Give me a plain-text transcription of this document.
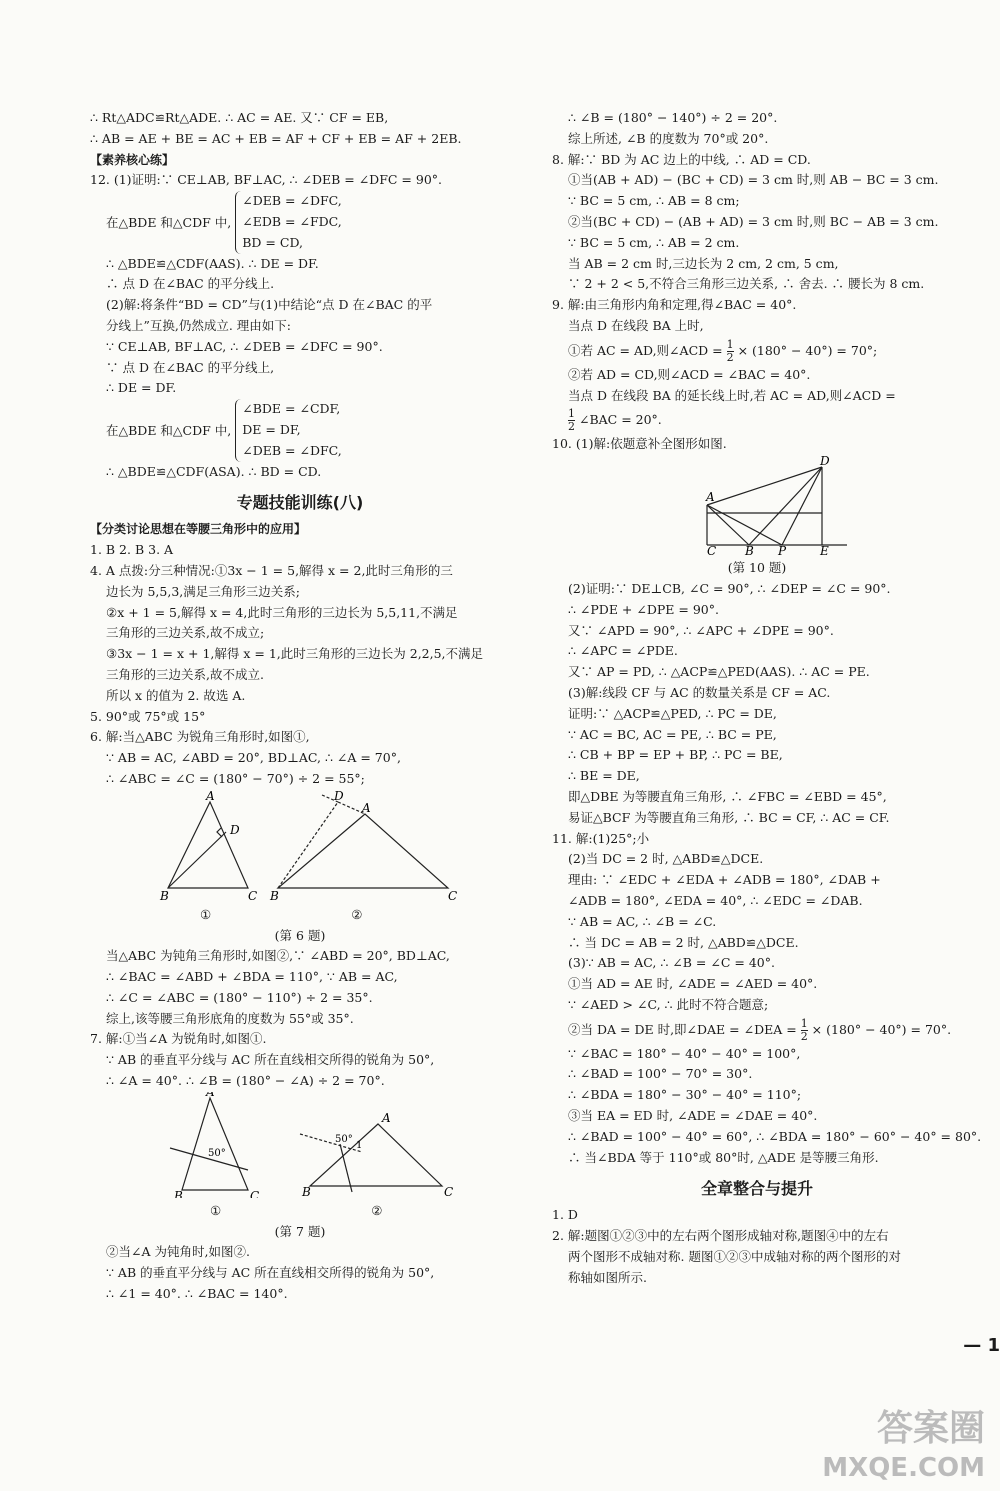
∴ Rt△ADC≌Rt△ADE. ∴ AC = AE. 又∵ CF = EB,
∴ AB = AE + BE = AC + EB = AF + CF + EB = AF + 2EB.
【素养核心练】
12. (1)证明:∵ CE⊥AB, BF⊥AC, ∴ ∠DEB = ∠DFC = 90°.
在△BDE 和△CDF 中,
∠DEB = ∠DFC,
∠EDB = ∠FDC,
BD = CD,
∴ △BDE≌△CDF(AAS). ∴ DE = DF.
∴ 点 D 在∠BAC 的平分线上.
(2)解:将条件“BD = CD”与(1)中结论“点 D 在∠BAC 的平
分线上”互换,仍然成立. 理由如下:
∵ CE⊥AB, BF⊥AC, ∴ ∠DEB = ∠DFC = 90°.
∵ 点 D 在∠BAC 的平分线上,
∴ DE = DF.
在△BDE 和△CDF 中,
∠BDE = ∠CDF,
DE = DF,
∠DEB = ∠DFC,
∴ △BDE≌△CDF(ASA). ∴ BD = CD.
专题技能训练(八)
【分类讨论思想在等腰三角形中的应用】
1. B 2. B 3. A
4. A 点拨:分三种情况:①3x − 1 = 5,解得 x = 2,此时三角形的三
边长为 5,5,3,满足三角形三边关系;
②x + 1 = 5,解得 x = 4,此时三角形的三边长为 5,5,11,不满足
三角形的三边关系,故不成立;
③3x − 1 = x + 1,解得 x = 1,此时三角形的三边长为 2,2,5,不满足
三角形的三边关系,故不成立.
所以 x 的值为 2. 故选 A.
5. 90°或 75°或 15°
6. 解:当△ABC 为锐角三角形时,如图①,
∵ AB = AC, ∠ABD = 20°, BD⊥AC, ∴ ∠A = 70°,
∴ ∠ABC = ∠C = (180° − 70°) ÷ 2 = 55°;
A
D
B	C
D
A
B	C
①	②
(第 6 题)
当△ABC 为钝角三角形时,如图②,∵ ∠ABD = 20°, BD⊥AC,
∴ ∠BAC = ∠ABD + ∠BDA = 110°, ∵ AB = AC,
∴ ∠C = ∠ABC = (180° − 110°) ÷ 2 = 35°.
综上,该等腰三角形底角的度数为 55°或 35°.
7. 解:①当∠A 为锐角时,如图①.
∵ AB 的垂直平分线与 AC 所在直线相交所得的锐角为 50°,
∴ ∠A = 40°. ∴ ∠B = (180° − ∠A) ÷ 2 = 70°.
A
50°
B	C
A
50°
1
B	C
①	②
(第 7 题)
②当∠A 为钝角时,如图②.
∵ AB 的垂直平分线与 AC 所在直线相交所得的锐角为 50°,
∴ ∠1 = 40°. ∴ ∠BAC = 140°.
∴ ∠B = (180° − 140°) ÷ 2 = 20°.
综上所述, ∠B 的度数为 70°或 20°.
8. 解:∵ BD 为 AC 边上的中线, ∴ AD = CD.
①当(AB + AD) − (BC + CD) = 3 cm 时,则 AB − BC = 3 cm.
∵ BC = 5 cm, ∴ AB = 8 cm;
②当(BC + CD) − (AB + AD) = 3 cm 时,则 BC − AB = 3 cm.
∵ BC = 5 cm, ∴ AB = 2 cm.
当 AB = 2 cm 时,三边长为 2 cm, 2 cm, 5 cm,
∵ 2 + 2 < 5,不符合三角形三边关系, ∴ 舍去. ∴ 腰长为 8 cm.
9. 解:由三角形内角和定理,得∠BAC = 40°.
当点 D 在线段 BA 上时,
①若 AC = AD,则∠ACD = $\frac{1}{2} \times (180^\circ - 40^\circ) = 70^\circ$;
②若 AD = CD,则∠ACD = ∠BAC = 40°.
当点 D 在线段 BA 的延长线上时,若 AC = AD,则∠ACD =
$\frac{1}{2}$ ∠BAC = 20°.
10. (1)解:依题意补全图形如图.
A
D
C B P	E
(第 10 题)
(2)证明:∵ DE⊥CB, ∠C = 90°, ∴ ∠DEP = ∠C = 90°.
∴ ∠PDE + ∠DPE = 90°.
又∵ ∠APD = 90°, ∴ ∠APC + ∠DPE = 90°.
∴ ∠APC = ∠PDE.
又∵ AP = PD, ∴ △ACP≌△PED(AAS). ∴ AC = PE.
(3)解:线段 CF 与 AC 的数量关系是 CF = AC.
证明:∵ △ACP≌△PED, ∴ PC = DE,
∵ AC = BC, AC = PE, ∴ BC = PE,
∴ CB + BP = EP + BP, ∴ PC = BE,
∴ BE = DE,
即△DBE 为等腰直角三角形, ∴ ∠FBC = ∠EBD = 45°,
易证△BCF 为等腰直角三角形, ∴ BC = CF, ∴ AC = CF.
11. 解:(1)25°;小
(2)当 DC = 2 时, △ABD≌△DCE.
理由: ∵ ∠EDC + ∠EDA + ∠ADB = 180°, ∠DAB +
∠ADB = 180°, ∠EDA = 40°, ∴ ∠EDC = ∠DAB.
∵ AB = AC, ∴ ∠B = ∠C.
∴ 当 DC = AB = 2 时, △ABD≌△DCE.
(3)∵ AB = AC, ∴ ∠B = ∠C = 40°.
①当 AD = AE 时, ∠ADE = ∠AED = 40°.
∵ ∠AED > ∠C, ∴ 此时不符合题意;
②当 DA = DE 时,即∠DAE = ∠DEA = $\frac{1}{2} \times (180^\circ - 40^\circ) = 70^\circ$.
∵ ∠BAC = 180° − 40° − 40° = 100°,
∴ ∠BAD = 100° − 70° = 30°.
∴ ∠BDA = 180° − 30° − 40° = 110°;
③当 EA = ED 时, ∠ADE = ∠DAE = 40°.
∴ ∠BAD = 100° − 40° = 60°, ∴ ∠BDA = 180° − 60° − 40° = 80°.
∴ 当∠BDA 等于 110°或 80°时, △ADE 是等腰三角形.
全章整合与提升
1. D
2. 解:题图①②③中的左右两个图形成轴对称,题图④中的左右
两个图形不成轴对称. 题图①②③中成轴对称的两个图形的对
称轴如图所示.
— 1
答案圈
MXQE.COM
